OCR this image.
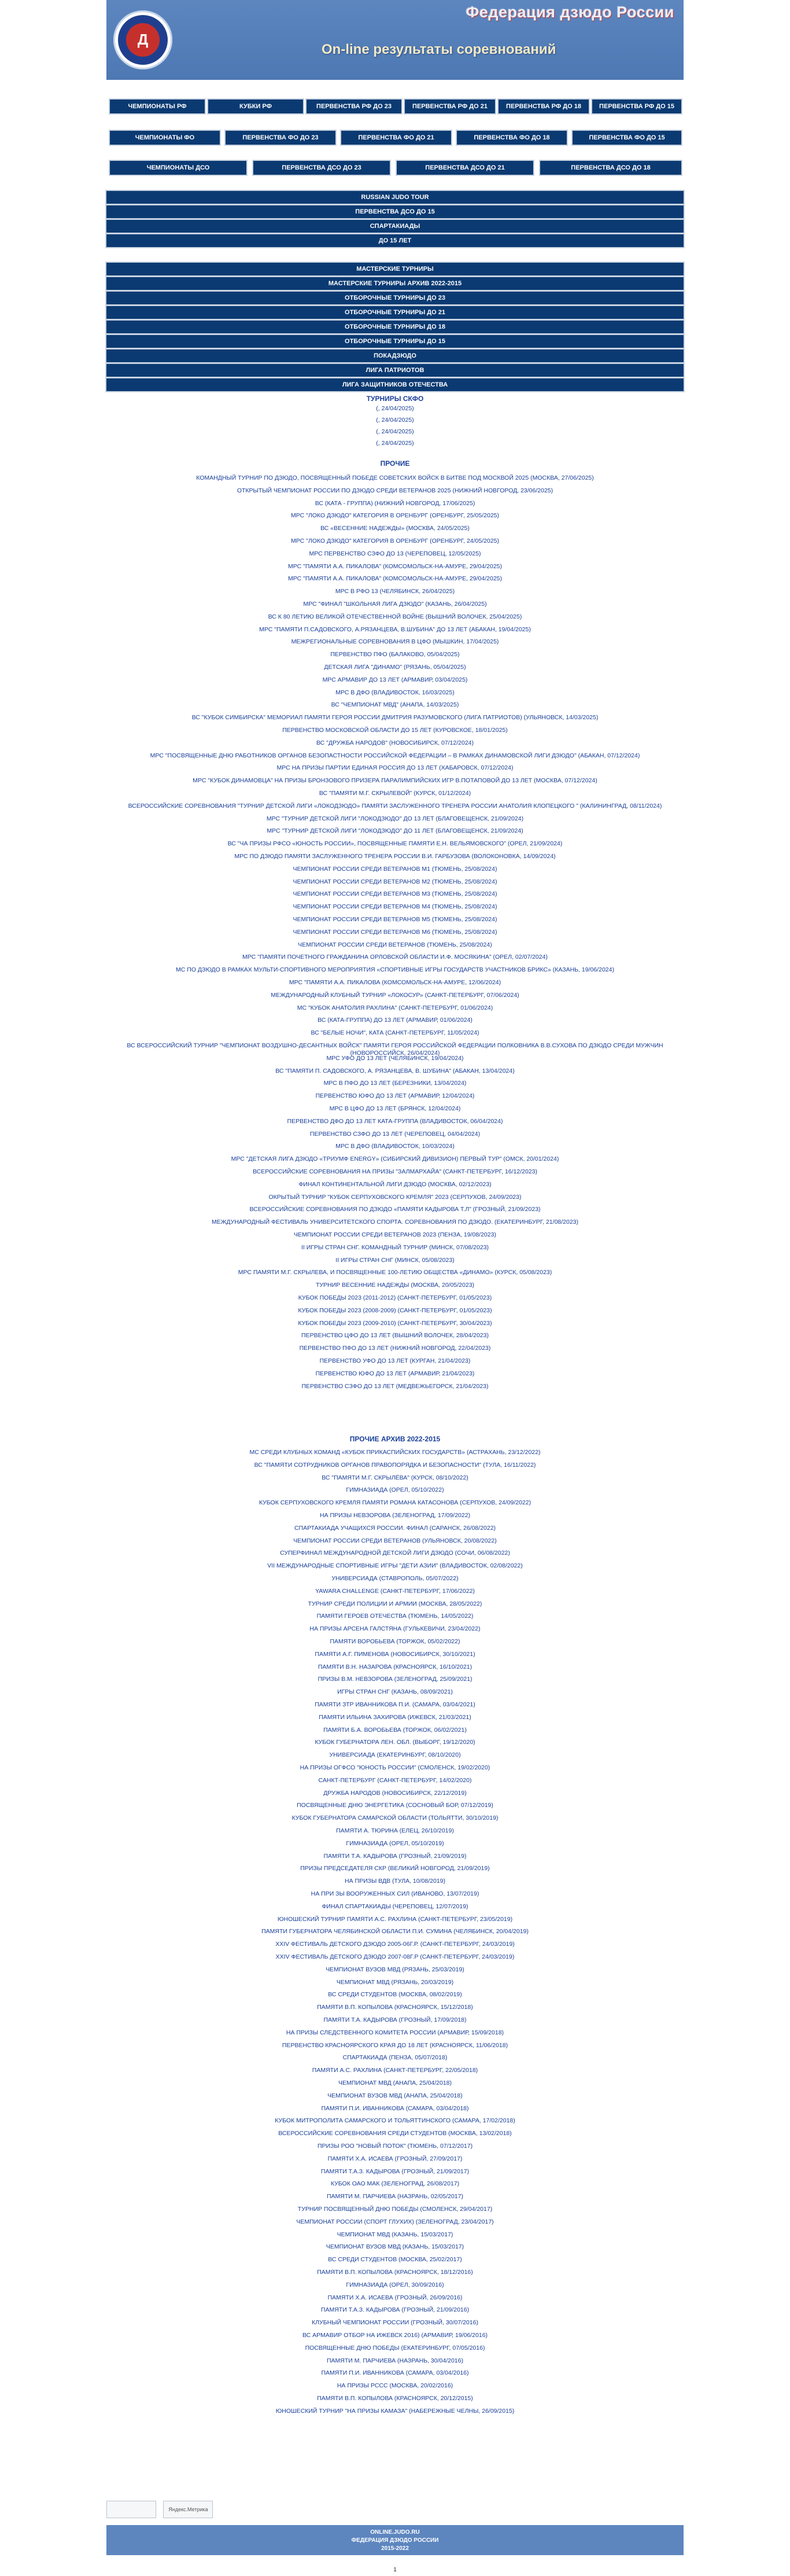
Д
Федерация дзюдо России
On-line результаты соревнований
ЧЕМПИОНАТЫ РФ	КУБКИ РФ	ПЕРВЕНСТВА РФ ДО 23	ПЕРВЕНСТВА РФ ДО 21	ПЕРВЕНСТВА РФ ДО 18	ПЕРВЕНСТВА РФ ДО 15
ЧЕМПИОНАТЫ ФО	ПЕРВЕНСТВА ФО ДО 23	ПЕРВЕНСТВА ФО ДО 21	ПЕРВЕНСТВА ФО ДО 18	ПЕРВЕНСТВА ФО ДО 15
ЧЕМПИОНАТЫ ДСО	ПЕРВЕНСТВА ДСО ДО 23	ПЕРВЕНСТВА ДСО ДО 21	ПЕРВЕНСТВА ДСО ДО 18
RUSSIAN JUDO TOUR
ПЕРВЕНСТВА ДСО ДО 15
СПАРТАКИАДЫ
ДО 15 ЛЕТ
МАСТЕРСКИЕ ТУРНИРЫ
МАСТЕРСКИЕ ТУРНИРЫ АРХИВ 2022-2015
ОТБОРОЧНЫЕ ТУРНИРЫ ДО 23
ОТБОРОЧНЫЕ ТУРНИРЫ ДО 21
ОТБОРОЧНЫЕ ТУРНИРЫ ДО 18
ОТБОРОЧНЫЕ ТУРНИРЫ ДО 15
ПОКАДЗЮДО
ЛИГА ПАТРИОТОВ
ЛИГА ЗАЩИТНИКОВ ОТЕЧЕСТВА
ТУРНИРЫ СКФО
(, 24/04/2025)
(, 24/04/2025)
(, 24/04/2025)
(, 24/04/2025)
ПРОЧИЕ
КОМАНДНЫЙ ТУРНИР ПО ДЗЮДО, ПОСВЯЩЕННЫЙ ПОБЕДЕ СОВЕТСКИХ ВОЙСК В БИТВЕ ПОД МОСКВОЙ 2025 (МОСКВА, 27/06/2025)
ОТКРЫТЫЙ ЧЕМПИОНАТ РОССИИ ПО ДЗЮДО СРЕДИ ВЕТЕРАНОВ 2025 (НИЖНИЙ НОВГОРОД, 23/06/2025)
ВС (КАТА - ГРУППА) (НИЖНИЙ НОВГОРОД, 17/06/2025)
МРС "ЛОКО ДЗЮДО" КАТЕГОРИЯ В ОРЕНБУРГ (ОРЕНБУРГ, 25/05/2025)
ВС «ВЕСЕННИЕ НАДЕЖДЫ» (МОСКВА, 24/05/2025)
МРС "ЛОКО ДЗЮДО" КАТЕГОРИЯ В ОРЕНБУРГ (ОРЕНБУРГ, 24/05/2025)
МРС ПЕРВЕНСТВО СЗФО ДО 13 (ЧЕРЕПОВЕЦ, 12/05/2025)
МРС "ПАМЯТИ А.А. ПИКАЛОВА" (КОМСОМОЛЬСК-НА-АМУРЕ, 29/04/2025)
МРС "ПАМЯТИ А.А. ПИКАЛОВА" (КОМСОМОЛЬСК-НА-АМУРЕ, 29/04/2025)
МРС В РФО 13 (ЧЕЛЯБИНСК, 26/04/2025)
МРС "ФИНАЛ "ШКОЛЬНАЯ ЛИГА ДЗЮДО" (КАЗАНЬ, 26/04/2025)
ВС К 80 ЛЕТИЮ ВЕЛИКОЙ ОТЕЧЕСТВЕННОЙ ВОЙНЕ (ВЫШНИЙ ВОЛОЧЕК, 25/04/2025)
МРС "ПАМЯТИ П.САДОВСКОГО, А.РЯЗАНЦЕВА, В.ШУБИНА" ДО 13 ЛЕТ (АБАКАН, 19/04/2025)
МЕЖРЕГИОНАЛЬНЫЕ СОРЕВНОВАНИЯ В ЦФО (МЫШКИН, 17/04/2025)
ПЕРВЕНСТВО ПФО (БАЛАКОВО, 05/04/2025)
ДЕТСКАЯ ЛИГА "ДИНАМО" (РЯЗАНЬ, 05/04/2025)
МРС АРМАВИР ДО 13 ЛЕТ (АРМАВИР, 03/04/2025)
МРС В ДФО (ВЛАДИВОСТОК, 16/03/2025)
ВС "ЧЕМПИОНАТ МВД" (АНАПА, 14/03/2025)
ВС "КУБОК СИМБИРСКА" МЕМОРИАЛ ПАМЯТИ ГЕРОЯ РОССИИ ДМИТРИЯ РАЗУМОВСКОГО (ЛИГА ПАТРИОТОВ) (УЛЬЯНОВСК, 14/03/2025)
ПЕРВЕНСТВО МОСКОВСКОЙ ОБЛАСТИ ДО 15 ЛЕТ (КУРОВСКОЕ, 18/01/2025)
ВС "ДРУЖБА НАРОДОВ" (НОВОСИБИРСК, 07/12/2024)
МРС "ПОСВЯЩЕННЫЕ ДНЮ РАБОТНИКОВ ОРГАНОВ БЕЗОПАСТНОСТИ РОССИЙСКОЙ ФЕДЕРАЦИИ – В РАМКАХ ДИНАМОВСКОЙ ЛИГИ ДЗЮДО" (АБАКАН, 07/12/2024)
МРС НА ПРИЗЫ ПАРТИИ ЕДИНАЯ РОССИЯ ДО 13 ЛЕТ (ХАБАРОВСК, 07/12/2024)
МРС "КУБОК ДИНАМОВЦА" НА ПРИЗЫ БРОНЗОВОГО ПРИЗЕРА ПАРАЛИМПИЙСКИХ ИГР В.ПОТАПОВОЙ ДО 13 ЛЕТ (МОСКВА, 07/12/2024)
ВС "ПАМЯТИ М.Г. СКРЫЛЕВОЙ" (КУРСК, 01/12/2024)
ВСЕРОССИЙСКИЕ СОРЕВНОВАНИЯ "ТУРНИР ДЕТСКОЙ ЛИГИ «ЛОКОДЗЮДО» ПАМЯТИ ЗАСЛУЖЕННОГО ТРЕНЕРА РОССИИ АНАТОЛИЯ КЛОПЕЦКОГО " (КАЛИНИНГРАД, 08/11/2024)
МРС "ТУРНИР ДЕТСКОЙ ЛИГИ "ЛОКОДЗЮДО" ДО 13 ЛЕТ (БЛАГОВЕЩЕНСК, 21/09/2024)
МРС "ТУРНИР ДЕТСКОЙ ЛИГИ "ЛОКОДЗЮДО" ДО 11 ЛЕТ (БЛАГОВЕЩЕНСК, 21/09/2024)
ВС "ЧА ПРИЗЫ РФСО «ЮНОСТЬ РОССИИ», ПОСВЯЩЕННЫЕ ПАМЯТИ Е.Н. ВЕЛЬЯМОВСКОГО" (ОРЕЛ, 21/09/2024)
МРС ПО ДЗЮДО ПАМЯТИ ЗАСЛУЖЕННОГО ТРЕНЕРА РОССИИ В.И. ГАРБУЗОВА (ВОЛОКОНОВКА, 14/09/2024)
ЧЕМПИОНАТ РОССИИ СРЕДИ ВЕТЕРАНОВ М1 (ТЮМЕНЬ, 25/08/2024)
ЧЕМПИОНАТ РОССИИ СРЕДИ ВЕТЕРАНОВ М2 (ТЮМЕНЬ, 25/08/2024)
ЧЕМПИОНАТ РОССИИ СРЕДИ ВЕТЕРАНОВ М3 (ТЮМЕНЬ, 25/08/2024)
ЧЕМПИОНАТ РОССИИ СРЕДИ ВЕТЕРАНОВ М4 (ТЮМЕНЬ, 25/08/2024)
ЧЕМПИОНАТ РОССИИ СРЕДИ ВЕТЕРАНОВ М5 (ТЮМЕНЬ, 25/08/2024)
ЧЕМПИОНАТ РОССИИ СРЕДИ ВЕТЕРАНОВ М6 (ТЮМЕНЬ, 25/08/2024)
ЧЕМПИОНАТ РОССИИ СРЕДИ ВЕТЕРАНОВ (ТЮМЕНЬ, 25/08/2024)
МРС "ПАМЯТИ ПОЧЕТНОГО ГРАЖДАНИНА ОРЛОВСКОЙ ОБЛАСТИ И.Ф. МОСЯКИНА" (ОРЕЛ, 02/07/2024)
МС ПО ДЗЮДО В РАМКАХ МУЛЬТИ-СПОРТИВНОГО МЕРОПРИЯТИЯ «СПОРТИВНЫЕ ИГРЫ ГОСУДАРСТВ УЧАСТНИКОВ БРИКС» (КАЗАНЬ, 19/06/2024)
МРС "ПАМЯТИ А.А. ПИКАЛОВА (КОМСОМОЛЬСК-НА-АМУРЕ, 12/06/2024)
МЕЖДУНАРОДНЫЙ КЛУБНЫЙ ТУРНИР «ЛОКОСУР» (САНКТ-ПЕТЕРБУРГ, 07/06/2024)
МС "КУБОК АНАТОЛИЯ РАХЛИНА" (САНКТ-ПЕТЕРБУРГ, 01/06/2024)
ВС (КАТА-ГРУППА) ДО 13 ЛЕТ (АРМАВИР, 01/06/2024)
ВС "БЕЛЫЕ НОЧИ", КАТА (САНКТ-ПЕТЕРБУРГ, 11/05/2024)
ВС ВСЕРОССИЙСКИЙ ТУРНИР "ЧЕМПИОНАТ ВОЗДУШНО-ДЕСАНТНЫХ ВОЙСК" ПАМЯТИ ГЕРОЯ РОССИЙСКОЙ ФЕДЕРАЦИИ ПОЛКОВНИКА В.В.СУХОВА ПО ДЗЮДО СРЕДИ МУЖЧИН (НОВОРОССИЙСК, 26/04/2024)
МРС УФО ДО 13 ЛЕТ (ЧЕЛЯБИНСК, 19/04/2024)
ВС "ПАМЯТИ П. САДОВСКОГО, А. РЯЗАНЦЕВА, В. ШУБИНА" (АБАКАН, 13/04/2024)
МРС В ПФО ДО 13 ЛЕТ (БЕРЕЗНИКИ, 13/04/2024)
ПЕРВЕНСТВО ЮФО ДО 13 ЛЕТ (АРМАВИР, 12/04/2024)
МРС В ЦФО ДО 13 ЛЕТ (БРЯНСК, 12/04/2024)
ПЕРВЕНСТВО ДФО ДО 13 ЛЕТ КАТА-ГРУППА (ВЛАДИВОСТОК, 06/04/2024)
ПЕРВЕНСТВО СЗФО ДО 13 ЛЕТ (ЧЕРЕПОВЕЦ, 04/04/2024)
МРС В ДФО (ВЛАДИВОСТОК, 10/03/2024)
МРС "ДЕТСКАЯ ЛИГА ДЗЮДО «ТРИУМФ ENERGY» (СИБИРСКИЙ ДИВИЗИОН) ПЕРВЫЙ ТУР" (ОМСК, 20/01/2024)
ВСЕРОССИЙСКИЕ СОРЕВНОВАНИЯ НА ПРИЗЫ "ЗАЛМАРХАЙА" (САНКТ-ПЕТЕРБУРГ, 16/12/2023)
ФИНАЛ КОНТИНЕНТАЛЬНОЙ ЛИГИ ДЗЮДО (МОСКВА, 02/12/2023)
ОКРЫТЫЙ ТУРНИР "КУБОК СЕРПУХОВСКОГО КРЕМЛЯ" 2023 (СЕРПУХОВ, 24/09/2023)
ВСЕРОССИЙСКИЕ СОРЕВНОВАНИЯ ПО ДЗЮДО «ПАМЯТИ КАДЫРОВА Т.Л" (ГРОЗНЫЙ, 21/09/2023)
МЕЖДУНАРОДНЫЙ ФЕСТИВАЛЬ УНИВЕРСИТЕТСКОГО СПОРТА. СОРЕВНОВАНИЯ ПО ДЗЮДО. (ЕКАТЕРИНБУРГ, 21/08/2023)
ЧЕМПИОНАТ РОССИИ СРЕДИ ВЕТЕРАНОВ 2023 (ПЕНЗА, 19/08/2023)
II ИГРЫ СТРАН СНГ. КОМАНДНЫЙ ТУРНИР (МИНСК, 07/08/2023)
II ИГРЫ СТРАН СНГ (МИНСК, 05/08/2023)
МРС ПАМЯТИ М.Г. СКРЫЛЕВА, И ПОСВЯЩЕННЫЕ 100-ЛЕТИЮ ОБЩЕСТВА «ДИНАМО» (КУРСК, 05/08/2023)
ТУРНИР ВЕСЕННИЕ НАДЕЖДЫ (МОСКВА, 20/05/2023)
КУБОК ПОБЕДЫ 2023 (2011-2012) (САНКТ-ПЕТЕРБУРГ, 01/05/2023)
КУБОК ПОБЕДЫ 2023 (2008-2009) (САНКТ-ПЕТЕРБУРГ, 01/05/2023)
КУБОК ПОБЕДЫ 2023 (2009-2010) (САНКТ-ПЕТЕРБУРГ, 30/04/2023)
ПЕРВЕНСТВО ЦФО ДО 13 ЛЕТ (ВЫШНИЙ ВОЛОЧЕК, 28/04/2023)
ПЕРВЕНСТВО ПФО ДО 13 ЛЕТ (НИЖНИЙ НОВГОРОД, 22/04/2023)
ПЕРВЕНСТВО УФО ДО 13 ЛЕТ (КУРГАН, 21/04/2023)
ПЕРВЕНСТВО ЮФО ДО 13 ЛЕТ (АРМАВИР, 21/04/2023)
ПЕРВЕНСТВО СЗФО ДО 13 ЛЕТ (МЕДВЕЖЬЕГОРСК, 21/04/2023)
ПРОЧИЕ АРХИВ 2022-2015
МС СРЕДИ КЛУБНЫХ КОМАНД «КУБОК ПРИКАСПИЙСКИХ ГОСУДАРСТВ» (АСТРАХАНЬ, 23/12/2022)
ВС "ПАМЯТИ СОТРУДНИКОВ ОРГАНОВ ПРАВОПОРЯДКА И БЕЗОПАСНОСТИ" (ТУЛА, 16/11/2022)
ВС "ПАМЯТИ М.Г. СКРЫЛЁВА" (КУРСК, 08/10/2022)
ГИМНАЗИАДА (ОРЕЛ, 05/10/2022)
КУБОК СЕРПУХОВСКОГО КРЕМЛЯ ПАМЯТИ РОМАНА КАТАСОНОВА (СЕРПУХОВ, 24/09/2022)
НА ПРИЗЫ НЕВЗОРОВА (ЗЕЛЕНОГРАД, 17/09/2022)
СПАРТАКИАДА УЧАЩИХСЯ РОССИИ. ФИНАЛ (САРАНСК, 26/08/2022)
ЧЕМПИОНАТ РОССИИ СРЕДИ ВЕТЕРАНОВ (УЛЬЯНОВСК, 20/08/2022)
СУПЕРФИНАЛ МЕЖДУНАРОДНОЙ ДЕТСКОЙ ЛИГИ ДЗЮДО (СОЧИ, 06/08/2022)
VII МЕЖДУНАРОДНЫЕ СПОРТИВНЫЕ ИГРЫ "ДЕТИ АЗИИ" (ВЛАДИВОСТОК, 02/08/2022)
УНИВЕРСИАДА (СТАВРОПОЛЬ, 05/07/2022)
YAWARA CHALLENGE (САНКТ-ПЕТЕРБУРГ, 17/06/2022)
ТУРНИР СРЕДИ ПОЛИЦИИ И АРМИИ (МОСКВА, 28/05/2022)
ПАМЯТИ ГЕРОЕВ ОТЕЧЕСТВА (ТЮМЕНЬ, 14/05/2022)
НА ПРИЗЫ АРСЕНА ГАЛСТЯНА (ГУЛЬКЕВИЧИ, 23/04/2022)
ПАМЯТИ ВОРОБЬЕВА (ТОРЖОК, 05/02/2022)
ПАМЯТИ А.Г. ПИМЕНОВА (НОВОСИБИРСК, 30/10/2021)
ПАМЯТИ В.Н. НАЗАРОВА (КРАСНОЯРСК, 16/10/2021)
ПРИЗЫ В.М. НЕВЗОРОВА (ЗЕЛЕНОГРАД, 25/09/2021)
ИГРЫ СТРАН СНГ (КАЗАНЬ, 08/09/2021)
ПАМЯТИ ЗТР ИВАННИКОВА П.И. (САМАРА, 03/04/2021)
ПАМЯТИ ИЛЬИНА ЗАХИРОВА (ИЖЕВСК, 21/03/2021)
ПАМЯТИ Б.А. ВОРОБЬЕВА (ТОРЖОК, 06/02/2021)
КУБОК ГУБЕРНАТОРА ЛЕН. ОБЛ. (ВЫБОРГ, 19/12/2020)
УНИВЕРСИАДА (ЕКАТЕРИНБУРГ, 08/10/2020)
НА ПРИЗЫ ОГФСО "ЮНОСТЬ РОССИИ" (СМОЛЕНСК, 19/02/2020)
САНКТ-ПЕТЕРБУРГ (САНКТ-ПЕТЕРБУРГ, 14/02/2020)
ДРУЖБА НАРОДОВ (НОВОСИБИРСК, 22/12/2019)
ПОСВЯЩЕННЫЕ ДНЮ ЭНЕРГЕТИКА (СОСНОВЫЙ БОР, 07/12/2019)
КУБОК ГУБЕРНАТОРА САМАРСКОЙ ОБЛАСТИ (ТОЛЬЯТТИ, 30/10/2019)
ПАМЯТИ А. ТЮРИНА (ЕЛЕЦ, 26/10/2019)
ГИМНАЗИАДА (ОРЕЛ, 05/10/2019)
ПАМЯТИ Т.А. КАДЫРОВА (ГРОЗНЫЙ, 21/09/2019)
ПРИЗЫ ПРЕДСЕДАТЕЛЯ СКР (ВЕЛИКИЙ НОВГОРОД, 21/09/2019)
НА ПРИЗЫ ВДВ (ТУЛА, 10/08/2019)
НА ПРИ ЗЫ ВООРУЖЕННЫХ СИЛ (ИВАНОВО, 13/07/2019)
ФИНАЛ СПАРТАКИАДЫ (ЧЕРЕПОВЕЦ, 12/07/2019)
ЮНОШЕСКИЙ ТУРНИР ПАМЯТИ А.С. РАХЛИНА (САНКТ-ПЕТЕРБУРГ, 23/05/2019)
ПАМЯТИ ГУБЕРНАТОРА ЧЕЛЯБИНСКОЙ ОБЛАСТИ П.И. СУМИНА (ЧЕЛЯБИНСК, 20/04/2019)
XXIV ФЕСТИВАЛЬ ДЕТСКОГО ДЗЮДО 2005-06Г.Р. (САНКТ-ПЕТЕРБУРГ, 24/03/2019)
XXIV ФЕСТИВАЛЬ ДЕТСКОГО ДЗЮДО 2007-08Г.Р (САНКТ-ПЕТЕРБУРГ, 24/03/2019)
ЧЕМПИОНАТ ВУЗОВ МВД (РЯЗАНЬ, 25/03/2019)
ЧЕМПИОНАТ МВД (РЯЗАНЬ, 20/03/2019)
ВС СРЕДИ СТУДЕНТОВ (МОСКВА, 08/02/2019)
ПАМЯТИ В.П. КОПЫЛОВА (КРАСНОЯРСК, 15/12/2018)
ПАМЯТИ Т.А. КАДЫРОВА (ГРОЗНЫЙ, 17/09/2018)
НА ПРИЗЫ СЛЕДСТВЕННОГО КОМИТЕТА РОССИИ (АРМАВИР, 15/09/2018)
ПЕРВЕНСТВО КРАСНОЯРСКОГО КРАЯ ДО 18 ЛЕТ (КРАСНОЯРСК, 11/06/2018)
СПАРТАКИАДА (ПЕНЗА, 05/07/2018)
ПАМЯТИ А.С. РАХЛИНА (САНКТ-ПЕТЕРБУРГ, 22/05/2018)
ЧЕМПИОНАТ МВД (АНАПА, 25/04/2018)
ЧЕМПИОНАТ ВУЗОВ МВД (АНАПА, 25/04/2018)
ПАМЯТИ П.И. ИВАННИКОВА (САМАРА, 03/04/2018)
КУБОК МИТРОПОЛИТА САМАРСКОГО И ТОЛЬЯТТИНСКОГО (САМАРА, 17/02/2018)
ВСЕРОССИЙСКИЕ СОРЕВНОВАНИЯ СРЕДИ СТУДЕНТОВ (МОСКВА, 13/02/2018)
ПРИЗЫ РОО "НОВЫЙ ПОТОК" (ТЮМЕНЬ, 07/12/2017)
ПАМЯТИ Х.А. ИСАЕВА (ГРОЗНЫЙ, 27/09/2017)
ПАМЯТИ Т.А.З. КАДЫРОВА (ГРОЗНЫЙ, 21/09/2017)
КУБОК ОАО МАК (ЗЕЛЕНОГРАД, 26/08/2017)
ПАМЯТИ М. ПАРЧИЕВА (НАЗРАНЬ, 02/05/2017)
ТУРНИР ПОСВЯЩЕННЫЙ ДНЮ ПОБЕДЫ (СМОЛЕНСК, 29/04/2017)
ЧЕМПИОНАТ РОССИИ (СПОРТ ГЛУХИХ) (ЗЕЛЕНОГРАД, 23/04/2017)
ЧЕМПИОНАТ МВД (КАЗАНЬ, 15/03/2017)
ЧЕМПИОНАТ ВУЗОВ МВД (КАЗАНЬ, 15/03/2017)
ВС СРЕДИ СТУДЕНТОВ (МОСКВА, 25/02/2017)
ПАМЯТИ В.П. КОПЫЛОВА (КРАСНОЯРСК, 18/12/2016)
ГИМНАЗИАДА (ОРЕЛ, 30/09/2016)
ПАМЯТИ Х.А. ИСАЕВА (ГРОЗНЫЙ, 26/09/2016)
ПАМЯТИ Т.А.З. КАДЫРОВА (ГРОЗНЫЙ, 21/09/2016)
КЛУБНЫЙ ЧЕМПИОНАТ РОССИИ (ГРОЗНЫЙ, 30/07/2016)
ВС АРМАВИР ОТБОР НА ИЖЕВСК 2016) (АРМАВИР, 19/06/2016)
ПОСВЯЩЕННЫЕ ДНЮ ПОБЕДЫ (ЕКАТЕРИНБУРГ, 07/05/2016)
ПАМЯТИ М. ПАРЧИЕВА (НАЗРАНЬ, 30/04/2016)
ПАМЯТИ П.И. ИВАННИКОВА (САМАРА, 03/04/2016)
НА ПРИЗЫ РССС (МОСКВА, 20/02/2016)
ПАМЯТИ В.П. КОПЫЛОВА (КРАСНОЯРСК, 20/12/2015)
ЮНОШЕСКИЙ ТУРНИР "НА ПРИЗЫ КАМАЗА" (НАБЕРЕЖНЫЕ ЧЕЛНЫ, 26/09/2015)
Яндекс.Метрика
ONLINE.JUDO.RU
ФЕДЕРАЦИЯ ДЗЮДО РОССИИ
2015-2022
1
